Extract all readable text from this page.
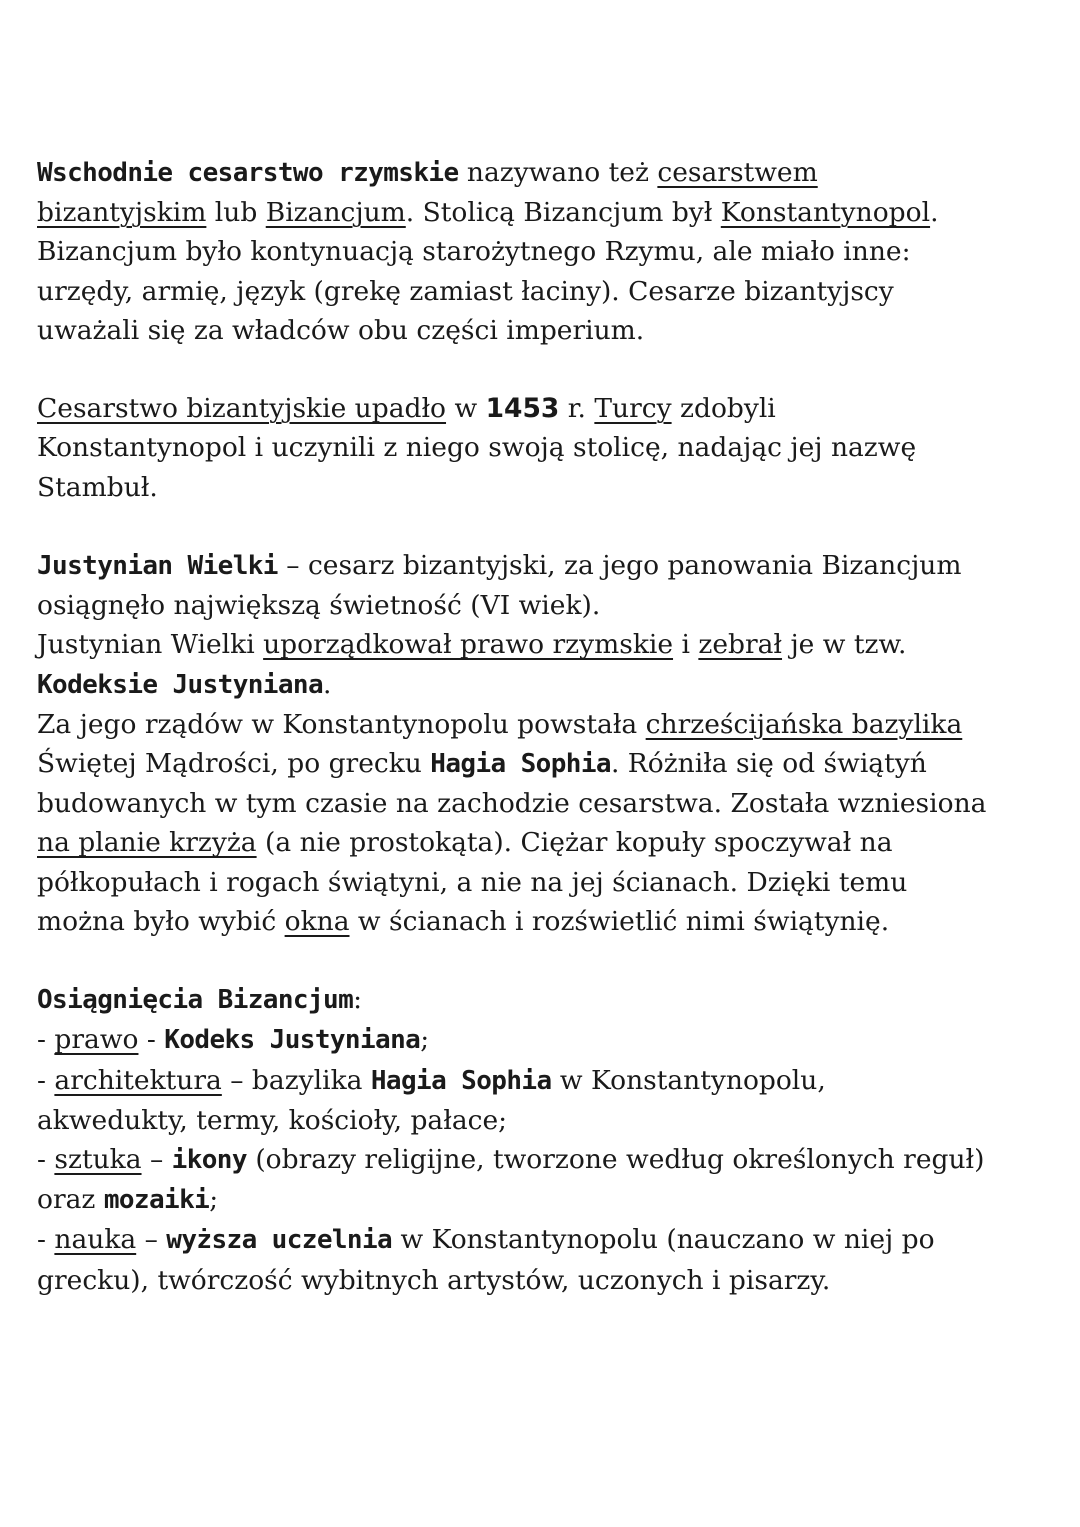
Wschodnie cesarstwo rzymskie nazywano też cesarstwem
bizantyjskim lub Bizancjum. Stolicą Bizancjum był Konstantynopol.
Bizancjum było kontynuacją starożytnego Rzymu, ale miało inne:
urzędy, armię, język (grekę zamiast łaciny). Cesarze bizantyjscy
uważali się za władców obu części imperium.

Cesarstwo bizantyjskie upadło w 1453 r. Turcy zdobyli
Konstantynopol i uczynili z niego swoją stolicę, nadając jej nazwę
Stambuł.

Justynian Wielki – cesarz bizantyjski, za jego panowania Bizancjum
osiągnęło największą świetność (VI wiek).
Justynian Wielki uporządkował prawo rzymskie i zebrał je w tzw.
Kodeksie Justyniana.
Za jego rządów w Konstantynopolu powstała chrześcijańska bazylika
Świętej Mądrości, po grecku Hagia Sophia. Różniła się od świątyń
budowanych w tym czasie na zachodzie cesarstwa. Została wzniesiona
na planie krzyża (a nie prostokąta). Ciężar kopuły spoczywał na
półkopułach i rogach świątyni, a nie na jej ścianach. Dzięki temu
można było wybić okna w ścianach i rozświetlić nimi świątynię.

Osiągnięcia Bizancjum:
- prawo - Kodeks Justyniana;
- architektura – bazylika Hagia Sophia w Konstantynopolu,
akwedukty, termy, kościoły, pałace;
- sztuka – ikony (obrazy religijne, tworzone według określonych reguł)
oraz mozaiki;
- nauka – wyższa uczelnia w Konstantynopolu (nauczano w niej po
grecku), twórczość wybitnych artystów, uczonych i pisarzy.
